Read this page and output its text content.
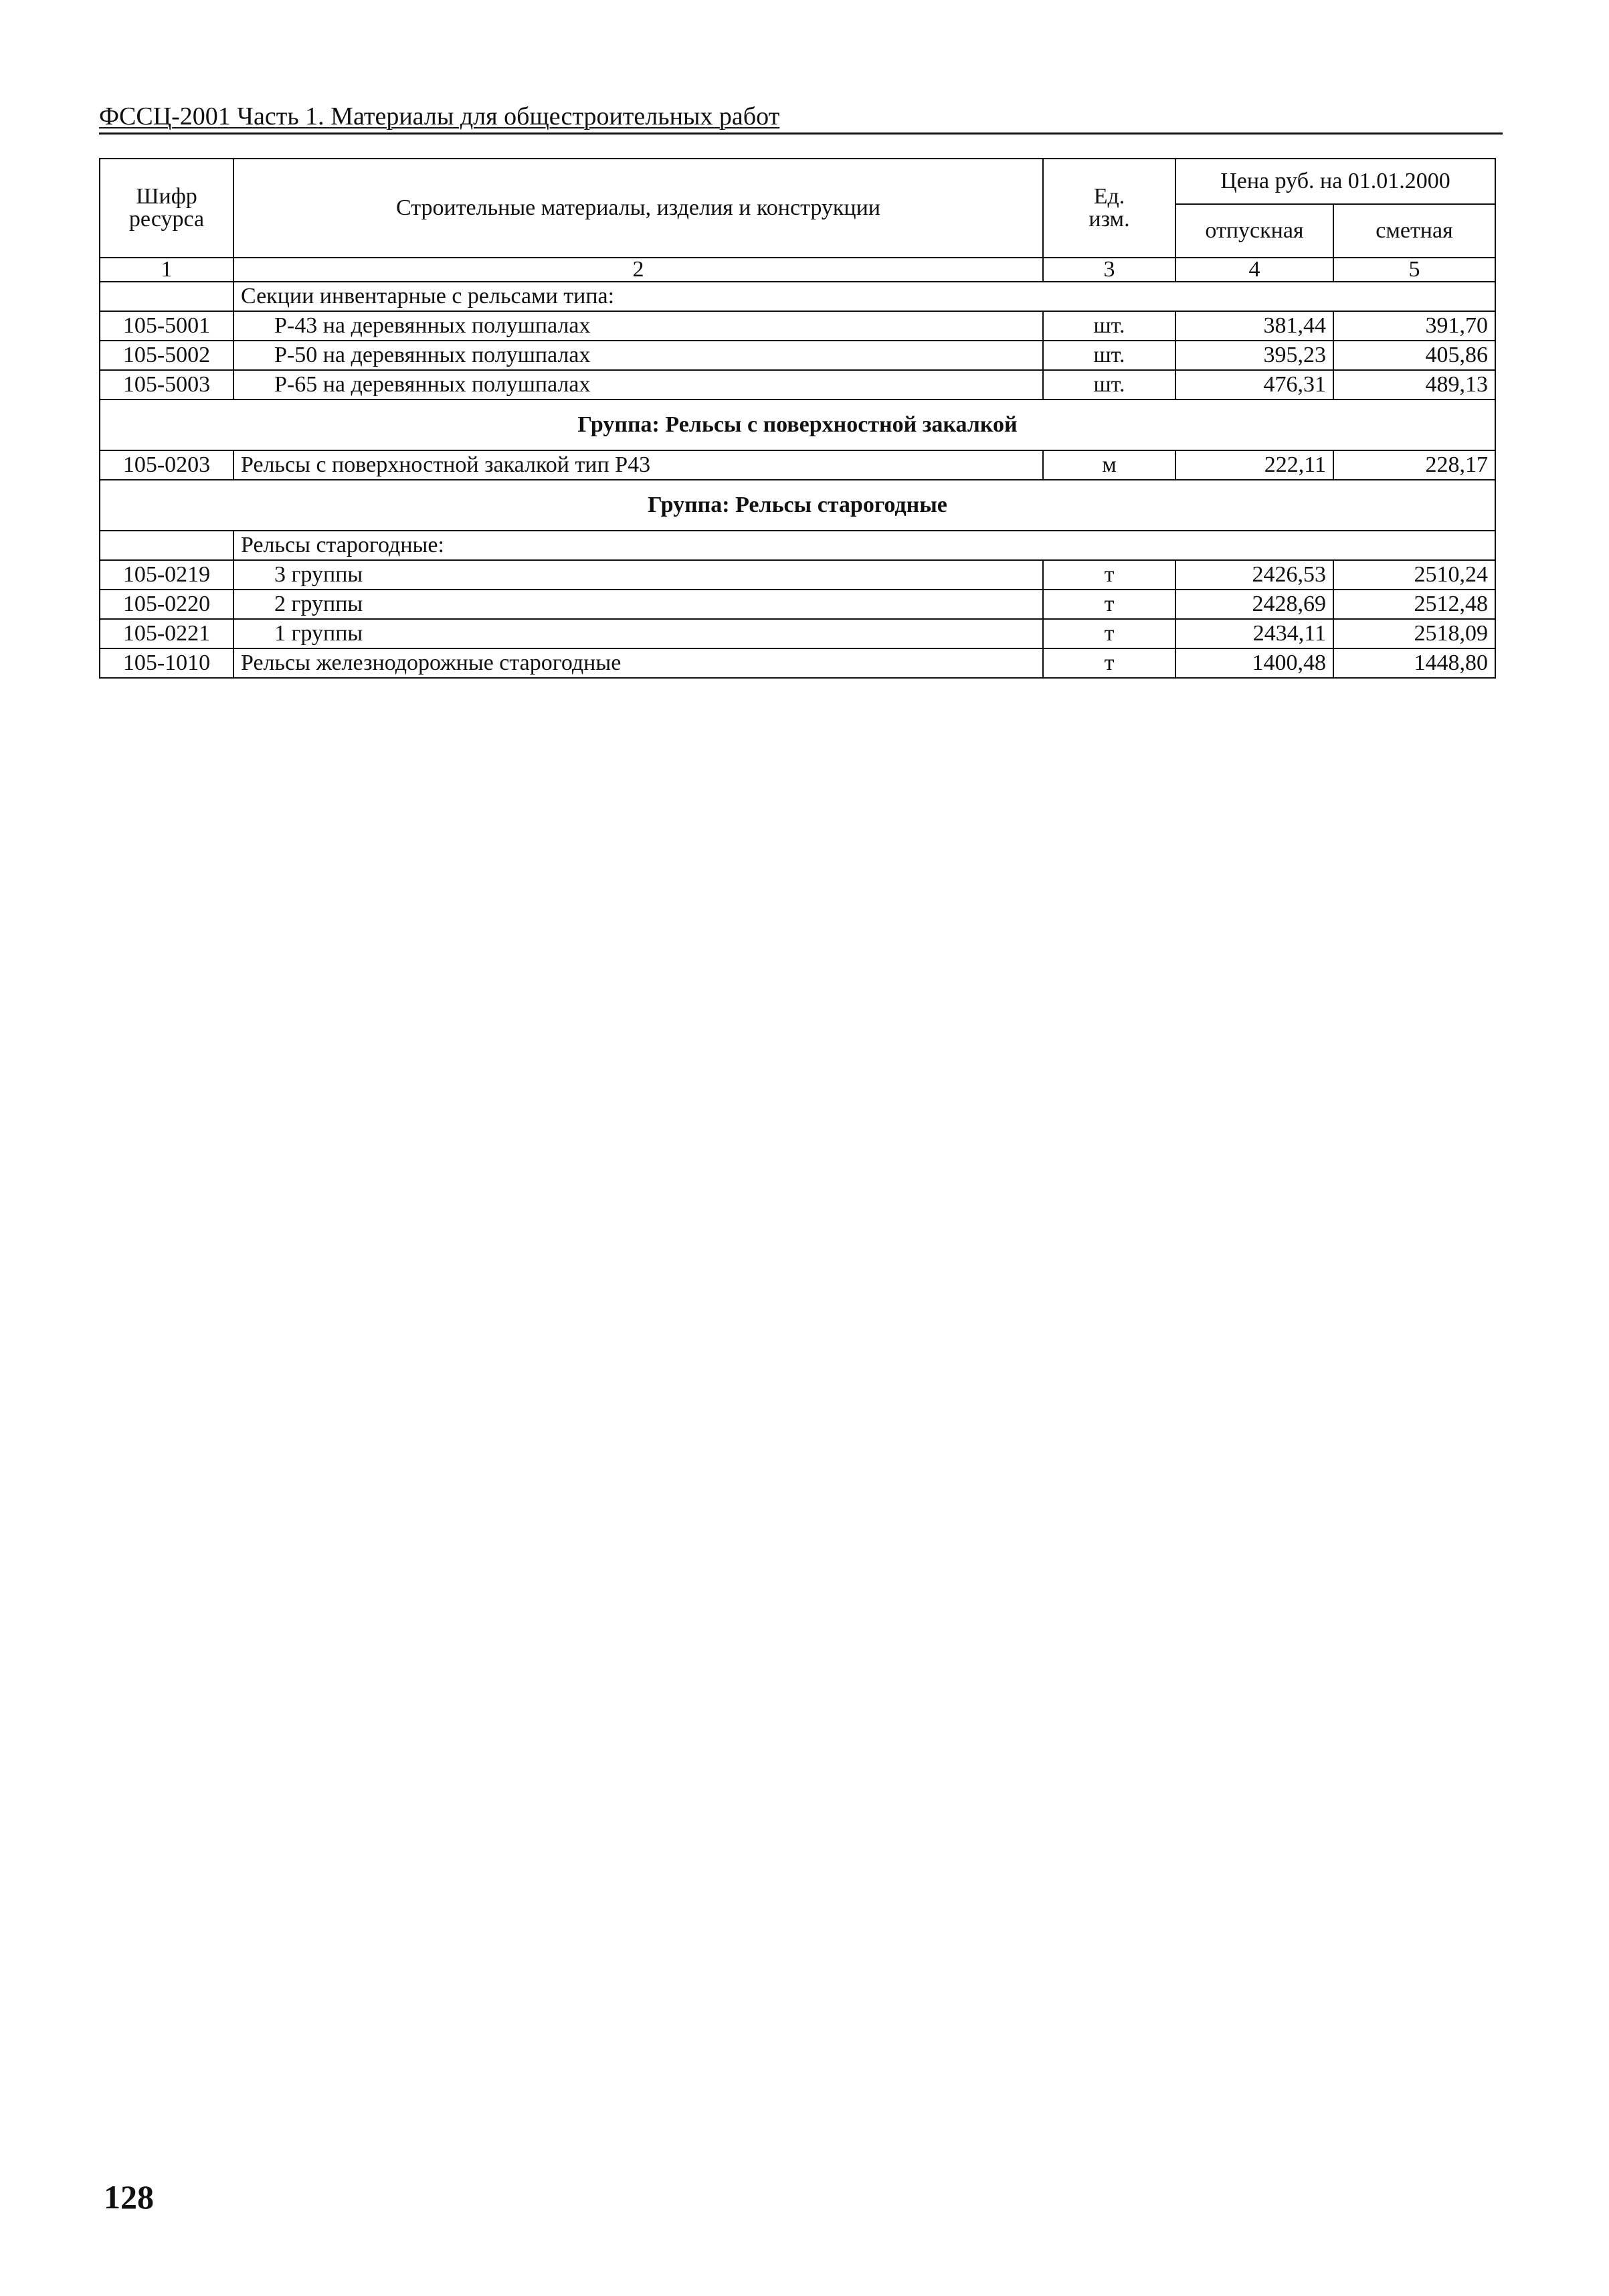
ФССЦ-2001 Часть 1. Материалы для общестроительных работ
Шифр ресурса	Строительные материалы, изделия и конструкции	Ед. изм.	Цена руб. на 01.01.2000	
			отпускная	сметная
1	2	3	4	5
	Секции инвентарные с рельсами типа:			
105-5001	Р-43 на деревянных полушпалах	шт.	381,44	391,70
105-5002	Р-50 на деревянных полушпалах	шт.	395,23	405,86
105-5003	Р-65 на деревянных полушпалах	шт.	476,31	489,13
Группа: Рельсы с поверхностной закалкой				
105-0203	Рельсы с поверхностной закалкой тип Р43	м	222,11	228,17
Группа: Рельсы старогодные				
	Рельсы старогодные:			
105-0219	3 группы	т	2426,53	2510,24
105-0220	2 группы	т	2428,69	2512,48
105-0221	1 группы	т	2434,11	2518,09
105-1010	Рельсы железнодорожные старогодные	т	1400,48	1448,80
128
